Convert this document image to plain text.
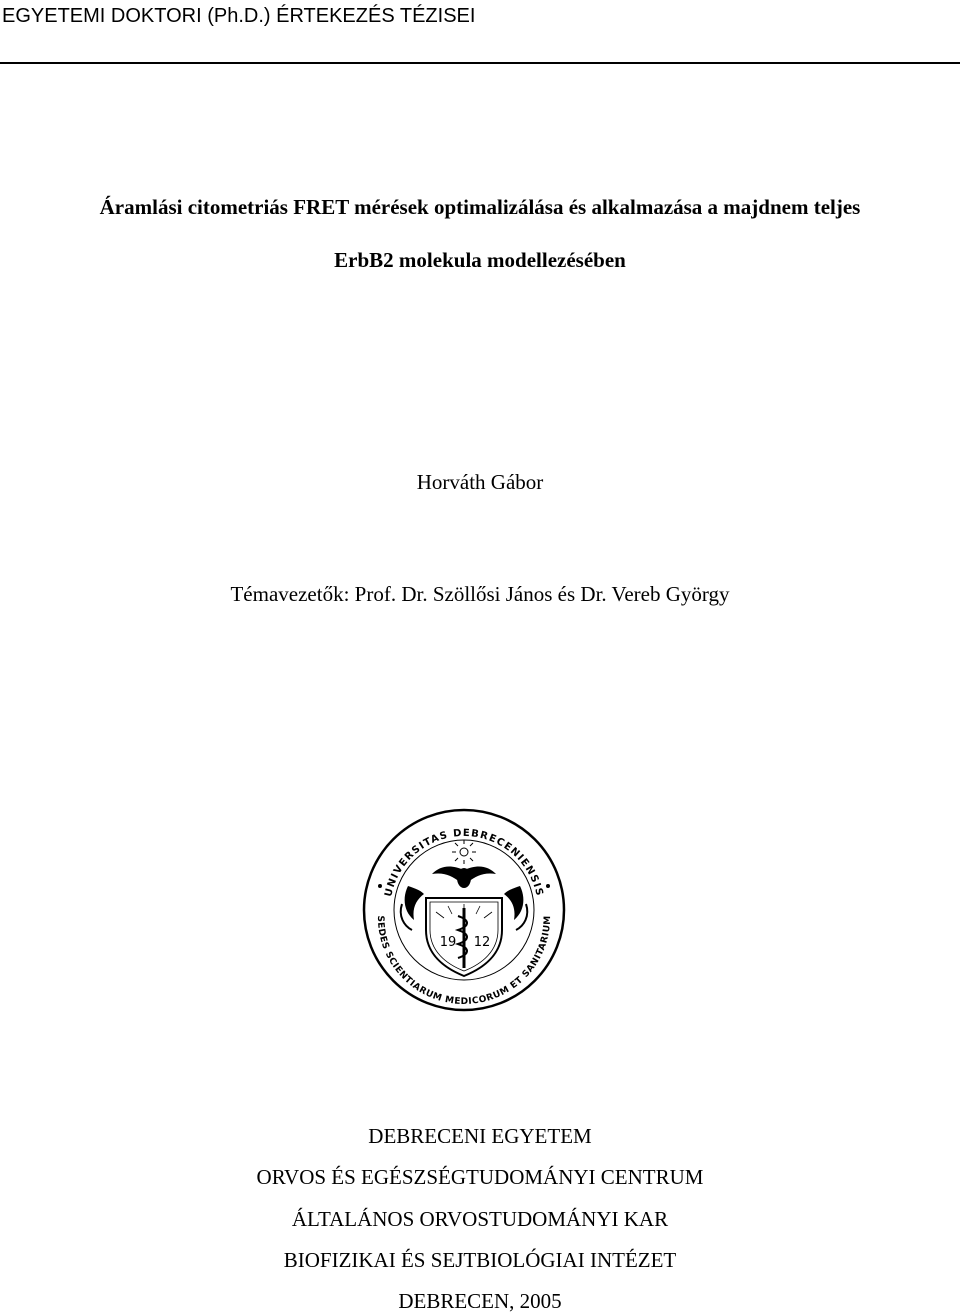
EGYETEMI DOKTORI (Ph.D.) ÉRTEKEZÉS TÉZISEI
Áramlási citometriás FRET mérések optimalizálása és alkalmazása a majdnem teljes
ErbB2 molekula modellezésében
Horváth Gábor
Témavezetők: Prof. Dr. Szöllősi János és Dr. Vereb György
UNIVERSITAS DEBRECENIENSIS
SEDES SCIENTIARUM MEDICORUM ET SANITARIUM
19 12
DEBRECENI EGYETEM
ORVOS ÉS EGÉSZSÉGTUDOMÁNYI CENTRUM
ÁLTALÁNOS ORVOSTUDOMÁNYI KAR
BIOFIZIKAI ÉS SEJTBIOLÓGIAI INTÉZET
DEBRECEN, 2005
